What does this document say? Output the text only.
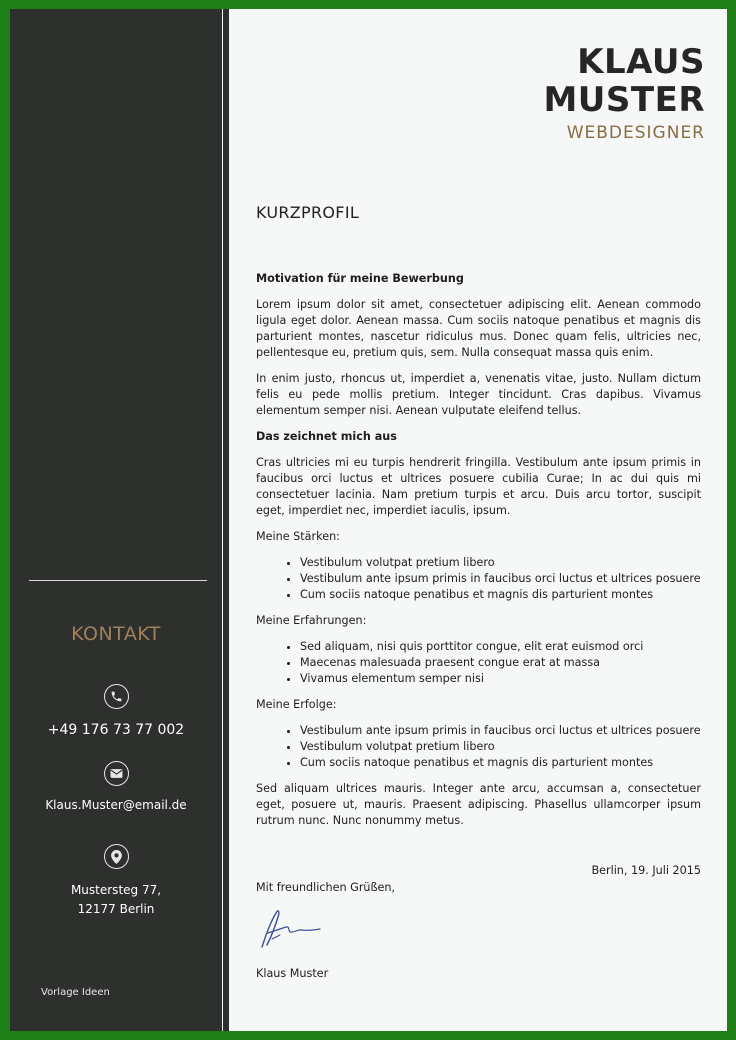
KONTAKT
+49 176 73 77 002
Klaus.Muster@email.de
Mustersteg 77,
12177 Berlin
Vorlage Ideen
KLAUS
MUSTER
WEBDESIGNER
KURZPROFIL

Motivation für meine Bewerbung

Lorem ipsum dolor sit amet, consectetuer adipiscing elit. Aenean commodo ligula eget dolor. Aenean massa. Cum sociis natoque penatibus et magnis dis parturient montes, nascetur ridiculus mus. Donec quam felis, ultricies nec, pellentesque eu, pretium quis, sem. Nulla consequat massa quis enim.

In enim justo, rhoncus ut, imperdiet a, venenatis vitae, justo. Nullam dictum felis eu pede mollis pretium. Integer tincidunt. Cras dapibus. Vivamus elementum semper nisi. Aenean vulputate eleifend tellus.

Das zeichnet mich aus

Cras ultricies mi eu turpis hendrerit fringilla. Vestibulum ante ipsum primis in faucibus orci luctus et ultrices posuere cubilia Curae; In ac dui quis mi consectetuer lacinia. Nam pretium turpis et arcu. Duis arcu tortor, suscipit eget, imperdiet nec, imperdiet iaculis, ipsum.

Meine Stärken:

• Vestibulum volutpat pretium libero
• Vestibulum ante ipsum primis in faucibus orci luctus et ultrices posuere
• Cum sociis natoque penatibus et magnis dis parturient montes

Meine Erfahrungen:

• Sed aliquam, nisi quis porttitor congue, elit erat euismod orci
• Maecenas malesuada praesent congue erat at massa
• Vivamus elementum semper nisi

Meine Erfolge:

• Vestibulum ante ipsum primis in faucibus orci luctus et ultrices posuere
• Vestibulum volutpat pretium libero
• Cum sociis natoque penatibus et magnis dis parturient montes

Sed aliquam ultrices mauris. Integer ante arcu, accumsan a, consectetuer eget, posuere ut, mauris. Praesent adipiscing. Phasellus ullamcorper ipsum rutrum nunc. Nunc nonummy metus.

Berlin, 19. Juli 2015
Mit freundlichen Grüßen,
Klaus Muster
